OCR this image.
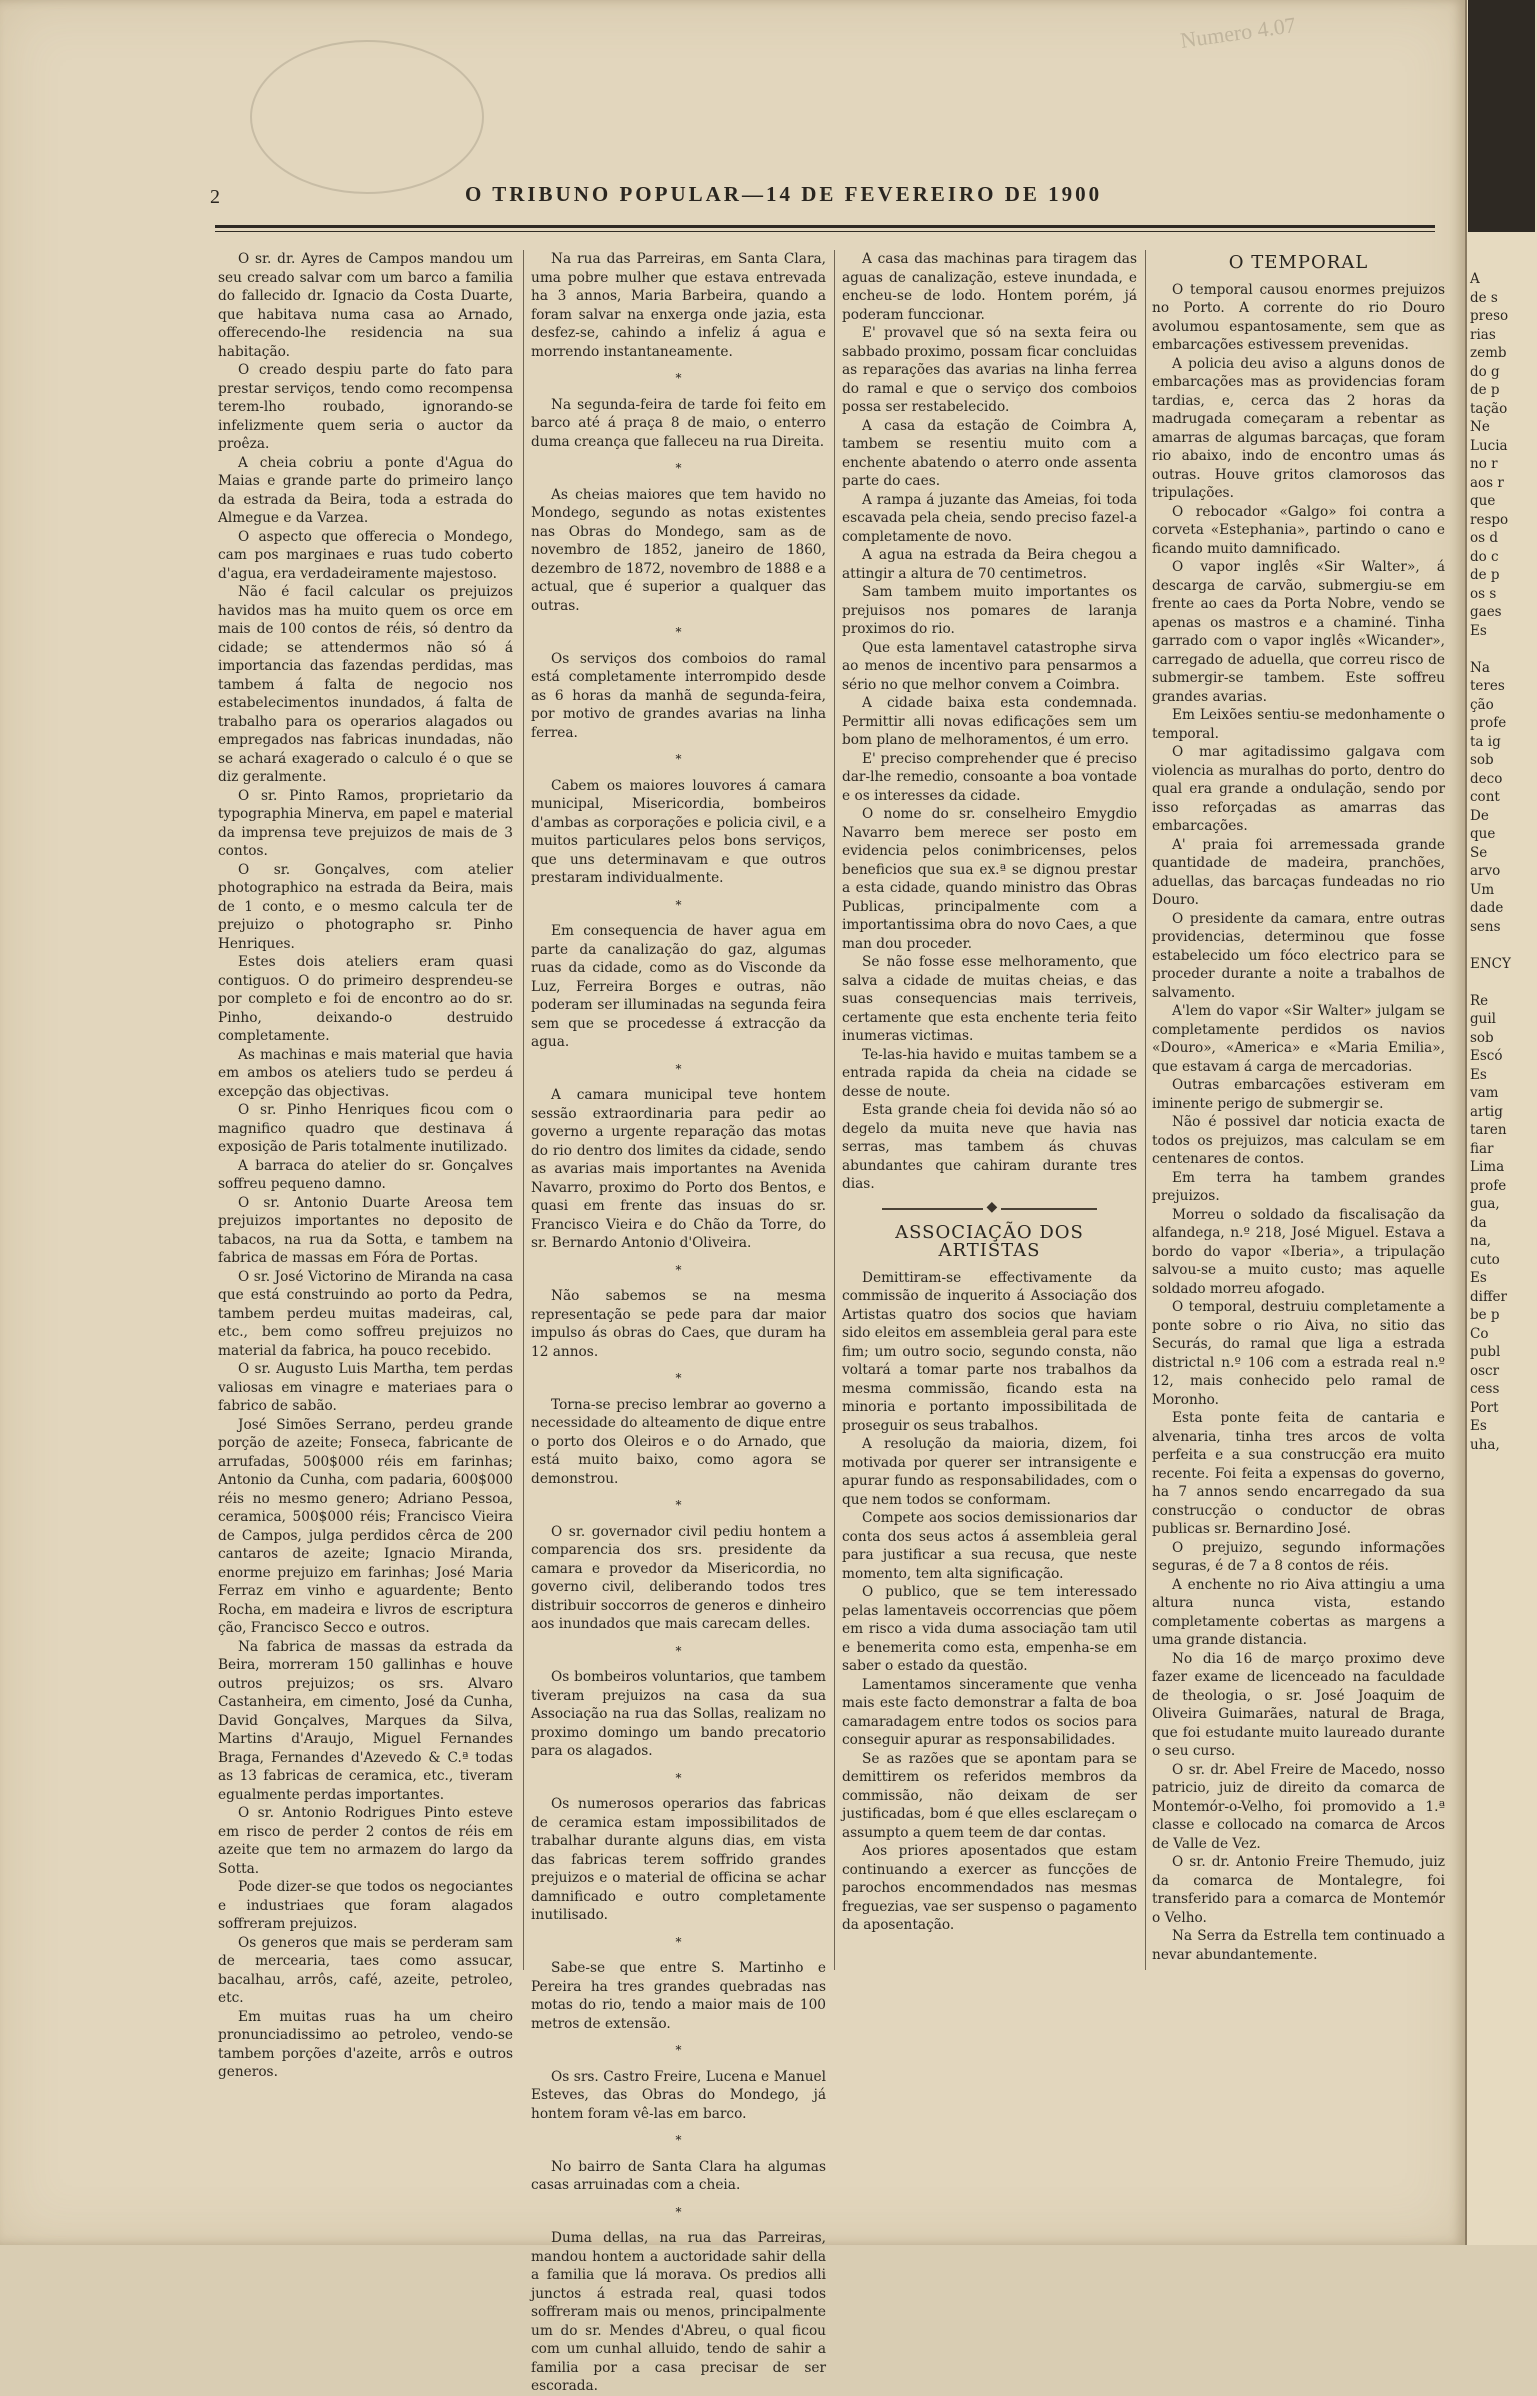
Numero 4.07
2	O TRIBUNO POPULAR—14 DE FEVEREIRO DE 1900

O sr. dr. Ayres de Campos mandou um seu creado salvar com um barco a familia do fallecido dr. Ignacio da Costa Duarte, que habitava numa casa ao Arnado, offerecendo-lhe residencia na sua habitação.

O creado despiu parte do fato para prestar serviços, tendo como recompensa terem-lho roubado, ignorando-se infelizmente quem seria o auctor da proêza.

A cheia cobriu a ponte d'Agua do Maias e grande parte do primeiro lanço da estrada da Beira, toda a estrada do Almegue e da Varzea.

O aspecto que offerecia o Mondego, cam pos marginaes e ruas tudo coberto d'agua, era verdadeiramente majestoso.

Não é facil calcular os prejuizos havidos mas ha muito quem os orce em mais de 100 contos de réis, só dentro da cidade; se attendermos não só á importancia das fazendas perdidas, mas tambem á falta de negocio nos estabelecimentos inundados, á falta de trabalho para os operarios alagados ou empregados nas fabricas inundadas, não se achará exagerado o calculo é o que se diz geralmente.

O sr. Pinto Ramos, proprietario da typographia Minerva, em papel e material da imprensa teve prejuizos de mais de 3 contos.

O sr. Gonçalves, com atelier photographico na estrada da Beira, mais de 1 conto, e o mesmo calcula ter de prejuizo o photographo sr. Pinho Henriques.

Estes dois ateliers eram quasi contiguos. O do primeiro desprendeu-se por completo e foi de encontro ao do sr. Pinho, deixando-o destruido completamente.

As machinas e mais material que havia em ambos os ateliers tudo se perdeu á excepção das objectivas.

O sr. Pinho Henriques ficou com o magnifico quadro que destinava á exposição de Paris totalmente inutilizado.

A barraca do atelier do sr. Gonçalves soffreu pequeno damno.

O sr. Antonio Duarte Areosa tem prejuizos importantes no deposito de tabacos, na rua da Sotta, e tambem na fabrica de massas em Fóra de Portas.

O sr. José Victorino de Miranda na casa que está construindo ao porto da Pedra, tambem perdeu muitas madeiras, cal, etc., bem como soffreu prejuizos no material da fabrica, ha pouco recebido.

O sr. Augusto Luis Martha, tem perdas valiosas em vinagre e materiaes para o fabrico de sabão.

José Simões Serrano, perdeu grande porção de azeite; Fonseca, fabricante de arrufadas, 500$000 réis em farinhas; Antonio da Cunha, com padaria, 600$000 réis no mesmo genero; Adriano Pessoa, ceramica, 500$000 réis; Francisco Vieira de Campos, julga perdidos cêrca de 200 cantaros de azeite; Ignacio Miranda, enorme prejuizo em farinhas; José Maria Ferraz em vinho e aguardente; Bento Rocha, em madeira e livros de escriptura ção, Francisco Secco e outros.

Na fabrica de massas da estrada da Beira, morreram 150 gallinhas e houve outros prejuizos; os srs. Alvaro Castanheira, em cimento, José da Cunha, David Gonçalves, Marques da Silva, Martins d'Araujo, Miguel Fernandes Braga, Fernandes d'Azevedo & C.ª todas as 13 fabricas de ceramica, etc., tiveram egualmente perdas importantes.

O sr. Antonio Rodrigues Pinto esteve em risco de perder 2 contos de réis em azeite que tem no armazem do largo da Sotta.

Pode dizer-se que todos os negociantes e industriaes que foram alagados soffreram prejuizos.

Os generos que mais se perderam sam de mercearia, taes como assucar, bacalhau, arrôs, café, azeite, petroleo, etc.

Em muitas ruas ha um cheiro pronunciadissimo ao petroleo, vendo-se tambem porções d'azeite, arrôs e outros generos.

Na rua das Parreiras, em Santa Clara, uma pobre mulher que estava entrevada ha 3 annos, Maria Barbeira, quando a foram salvar na enxerga onde jazia, esta desfez-se, cahindo a infeliz á agua e morrendo instantaneamente.

*

Na segunda-feira de tarde foi feito em barco até á praça 8 de maio, o enterro duma creança que falleceu na rua Direita.

*

As cheias maiores que tem havido no Mondego, segundo as notas existentes nas Obras do Mondego, sam as de novembro de 1852, janeiro de 1860, dezembro de 1872, novembro de 1888 e a actual, que é superior a qualquer das outras.

*

Os serviços dos comboios do ramal está completamente interrompido desde as 6 horas da manhã de segunda-feira, por motivo de grandes avarias na linha ferrea.

*

Cabem os maiores louvores á camara municipal, Misericordia, bombeiros d'ambas as corporações e policia civil, e a muitos particulares pelos bons serviços, que uns determinavam e que outros prestaram individualmente.

*

Em consequencia de haver agua em parte da canalização do gaz, algumas ruas da cidade, como as do Visconde da Luz, Ferreira Borges e outras, não poderam ser illuminadas na segunda feira sem que se procedesse á extracção da agua.

*

A camara municipal teve hontem sessão extraordinaria para pedir ao governo a urgente reparação das motas do rio dentro dos limites da cidade, sendo as avarias mais importantes na Avenida Navarro, proximo do Porto dos Bentos, e quasi em frente das insuas do sr. Francisco Vieira e do Chão da Torre, do sr. Bernardo Antonio d'Oliveira.

*

Não sabemos se na mesma representação se pede para dar maior impulso ás obras do Caes, que duram ha 12 annos.

*

Torna-se preciso lembrar ao governo a necessidade do alteamento de dique entre o porto dos Oleiros e o do Arnado, que está muito baixo, como agora se demonstrou.

*

O sr. governador civil pediu hontem a comparencia dos srs. presidente da camara e provedor da Misericordia, no governo civil, deliberando todos tres distribuir soccorros de generos e dinheiro aos inundados que mais carecam delles.

*

Os bombeiros voluntarios, que tambem tiveram prejuizos na casa da sua Associação na rua das Sollas, realizam no proximo domingo um bando precatorio para os alagados.

*

Os numerosos operarios das fabricas de ceramica estam impossibilitados de trabalhar durante alguns dias, em vista das fabricas terem soffrido grandes prejuizos e o material de officina se achar damnificado e outro completamente inutilisado.

*

Sabe-se que entre S. Martinho e Pereira ha tres grandes quebradas nas motas do rio, tendo a maior mais de 100 metros de extensão.

*

Os srs. Castro Freire, Lucena e Manuel Esteves, das Obras do Mondego, já hontem foram vê-las em barco.

*

No bairro de Santa Clara ha algumas casas arruinadas com a cheia.

*

Duma dellas, na rua das Parreiras, mandou hontem a auctoridade sahir della a familia que lá morava. Os predios alli junctos á estrada real, quasi todos soffreram mais ou menos, principalmente um do sr. Mendes d'Abreu, o qual ficou com um cunhal alluido, tendo de sahir a familia por a casa precisar de ser escorada.

A casa das machinas para tiragem das aguas de canalização, esteve inundada, e encheu-se de lodo. Hontem porém, já poderam funccionar.

E' provavel que só na sexta feira ou sabbado proximo, possam ficar concluidas as reparações das avarias na linha ferrea do ramal e que o serviço dos comboios possa ser restabelecido.

A casa da estação de Coimbra A, tambem se resentiu muito com a enchente abatendo o aterro onde assenta parte do caes.

A rampa á juzante das Ameias, foi toda escavada pela cheia, sendo preciso fazel-a completamente de novo.

A agua na estrada da Beira chegou a attingir a altura de 70 centimetros.

Sam tambem muito importantes os prejuisos nos pomares de laranja proximos do rio.

Que esta lamentavel catastrophe sirva ao menos de incentivo para pensarmos a sério no que melhor convem a Coimbra.

A cidade baixa esta condemnada. Permittir alli novas edificações sem um bom plano de melhoramentos, é um erro.

E' preciso comprehender que é preciso dar-lhe remedio, consoante a boa vontade e os interesses da cidade.

O nome do sr. conselheiro Emygdio Navarro bem merece ser posto em evidencia pelos conimbricenses, pelos beneficios que sua ex.ª se dignou prestar a esta cidade, quando ministro das Obras Publicas, principalmente com a importantissima obra do novo Caes, a que man dou proceder.

Se não fosse esse melhoramento, que salva a cidade de muitas cheias, e das suas consequencias mais terriveis, certamente que esta enchente teria feito inumeras victimas.

Te-las-hia havido e muitas tambem se a entrada rapida da cheia na cidade se desse de noute.

Esta grande cheia foi devida não só ao degelo da muita neve que havia nas serras, mas tambem ás chuvas abundantes que cahiram durante tres dias.

◆
ASSOCIAÇÃO DOS ARTISTAS

Demittiram-se effectivamente da commissão de inquerito á Associação dos Artistas quatro dos socios que haviam sido eleitos em assembleia geral para este fim; um outro socio, segundo consta, não voltará a tomar parte nos trabalhos da mesma commissão, ficando esta na minoria e portanto impossibilitada de proseguir os seus trabalhos.

A resolução da maioria, dizem, foi motivada por querer ser intransigente e apurar fundo as responsabilidades, com o que nem todos se conformam.

Compete aos socios demissionarios dar conta dos seus actos á assembleia geral para justificar a sua recusa, que neste momento, tem alta significação.

O publico, que se tem interessado pelas lamentaveis occorrencias que põem em risco a vida duma associação tam util e benemerita como esta, empenha-se em saber o estado da questão.

Lamentamos sinceramente que venha mais este facto demonstrar a falta de boa camaradagem entre todos os socios para conseguir apurar as responsabilidades.

Se as razões que se apontam para se demittirem os referidos membros da commissão, não deixam de ser justificadas, bom é que elles esclareçam o assumpto a quem teem de dar contas.

Aos priores aposentados que estam continuando a exercer as funcções de parochos encommendados nas mesmas freguezias, vae ser suspenso o pagamento da aposentação.

O TEMPORAL

O temporal causou enormes prejuizos no Porto. A corrente do rio Douro avolumou espantosamente, sem que as embarcações estivessem prevenidas.

A policia deu aviso a alguns donos de embarcações mas as providencias foram tardias, e, cerca das 2 horas da madrugada começaram a rebentar as amarras de algumas barcaças, que foram rio abaixo, indo de encontro umas ás outras. Houve gritos clamorosos das tripulações.

O rebocador «Galgo» foi contra a corveta «Estephania», partindo o cano e ficando muito damnificado.

O vapor inglês «Sir Walter», á descarga de carvão, submergiu-se em frente ao caes da Porta Nobre, vendo se apenas os mastros e a chaminé. Tinha garrado com o vapor inglês «Wicander», carregado de aduella, que correu risco de submergir-se tambem. Este soffreu grandes avarias.

Em Leixões sentiu-se medonhamente o temporal.

O mar agitadissimo galgava com violencia as muralhas do porto, dentro do qual era grande a ondulação, sendo por isso reforçadas as amarras das embarcações.

A' praia foi arremessada grande quantidade de madeira, pranchões, aduellas, das barcaças fundeadas no rio Douro.

O presidente da camara, entre outras providencias, determinou que fosse estabelecido um fóco electrico para se proceder durante a noite a trabalhos de salvamento.

A'lem do vapor «Sir Walter» julgam se completamente perdidos os navios «Douro», «America» e «Maria Emilia», que estavam á carga de mercadorias.

Outras embarcações estiveram em iminente perigo de submergir se.

Não é possivel dar noticia exacta de todos os prejuizos, mas calculam se em centenares de contos.

Em terra ha tambem grandes prejuizos.

Morreu o soldado da fiscalisação da alfandega, n.º 218, José Miguel. Estava a bordo do vapor «Iberia», a tripulação salvou-se a muito custo; mas aquelle soldado morreu afogado.

O temporal, destruiu completamente a ponte sobre o rio Aiva, no sitio das Securás, do ramal que liga a estrada districtal n.º 106 com a estrada real n.º 12, mais conhecido pelo ramal de Moronho.

Esta ponte feita de cantaria e alvenaria, tinha tres arcos de volta perfeita e a sua construcção era muito recente. Foi feita a expensas do governo, ha 7 annos sendo encarregado da sua construcção o conductor de obras publicas sr. Bernardino José.

O prejuizo, segundo informações seguras, é de 7 a 8 contos de réis.

A enchente no rio Aiva attingiu a uma altura nunca vista, estando completamente cobertas as margens a uma grande distancia.

No dia 16 de março proximo deve fazer exame de licenceado na faculdade de theologia, o sr. José Joaquim de Oliveira Guimarães, natural de Braga, que foi estudante muito laureado durante o seu curso.

O sr. dr. Abel Freire de Macedo, nosso patricio, juiz de direito da comarca de Montemór-o-Velho, foi promovido a 1.ª classe e collocado na comarca de Arcos de Valle de Vez.

O sr. dr. Antonio Freire Themudo, juiz da comarca de Montalegre, foi transferido para a comarca de Montemór o Velho.

Na Serra da Estrella tem continuado a nevar abundantemente.

A
de s
preso
rias
zemb
do g
de p
tação
Ne
Lucia
no r
aos r
que
respo
os d
do c
de p
os s
gaes
Es

Na
teres
ção
profe
ta ig
sob
deco
cont
De
que
Se
arvo
Um
dade
sens

ENCY

Re
guil
sob
Escó
Es
vam
artig
taren
fiar
Lima
profe
gua,
da
na,
cuto
Es
differ
be p
Co
publ
oscr
cess
Port
Es
uha,
